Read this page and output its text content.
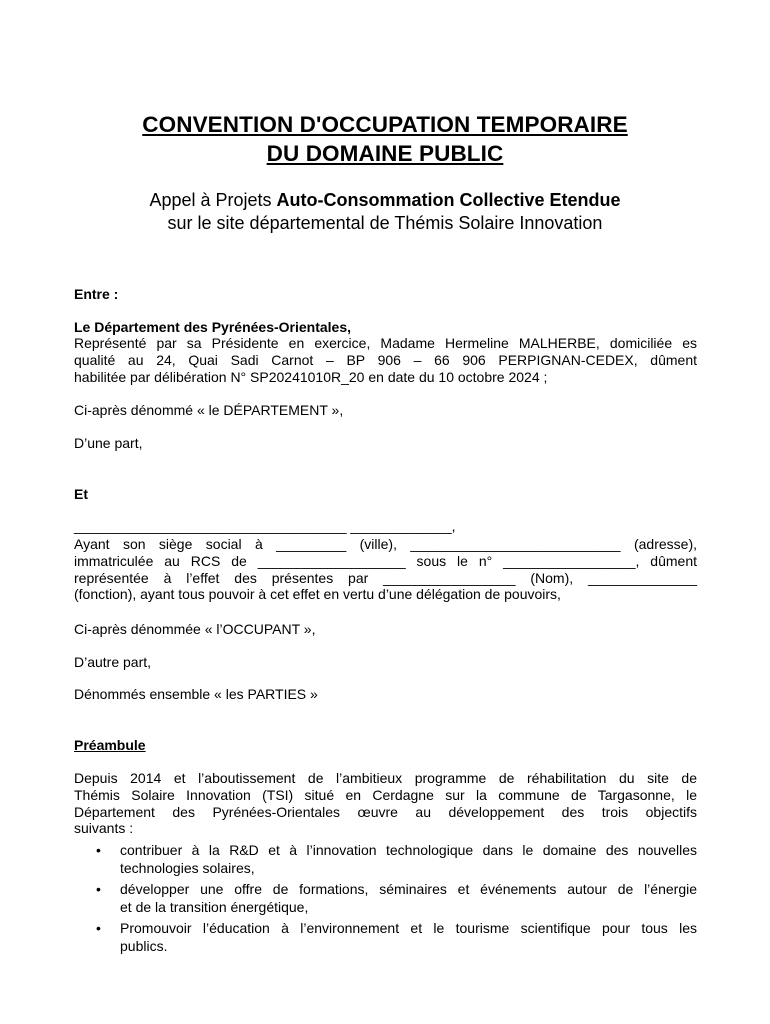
CONVENTION D'OCCUPATION TEMPORAIRE
DU DOMAINE PUBLIC
Appel à Projets Auto-Consommation Collective Etendue
sur le site départemental de Thémis Solaire Innovation
Entre :
Le Département des Pyrénées-Orientales,
Représenté par sa Présidente en exercice, Madame Hermeline MALHERBE, domiciliée es
qualité au 24, Quai Sadi Carnot – BP 906 – 66 906 PERPIGNAN-CEDEX, dûment
habilitée par délibération N° SP20241010R_20 en date du 10 octobre 2024 ;
Ci-après dénommé « le DÉPARTEMENT »,
D’une part,
Et
___________________________________ _____________,
Ayant son siège social à _________ (ville), ___________________________ (adresse),
immatriculée au RCS de ___________________ sous le n° _________________, dûment
représentée à l’effet des présentes par _________________ (Nom), ______________
(fonction), ayant tous pouvoir à cet effet en vertu d’une délégation de pouvoirs,
Ci-après dénommée « l’OCCUPANT »,
D’autre part,
Dénommés ensemble « les PARTIES »
Préambule
Depuis 2014 et l’aboutissement de l’ambitieux programme de réhabilitation du site de
Thémis Solaire Innovation (TSI) situé en Cerdagne sur la commune de Targasonne, le
Département des Pyrénées-Orientales œuvre au développement des trois objectifs
suivants :
• contribuer à la R&D et à l’innovation technologique dans le domaine des nouvelles
technologies solaires,
• développer une offre de formations, séminaires et événements autour de l’énergie
et de la transition énergétique,
• Promouvoir l’éducation à l’environnement et le tourisme scientifique pour tous les
publics.
